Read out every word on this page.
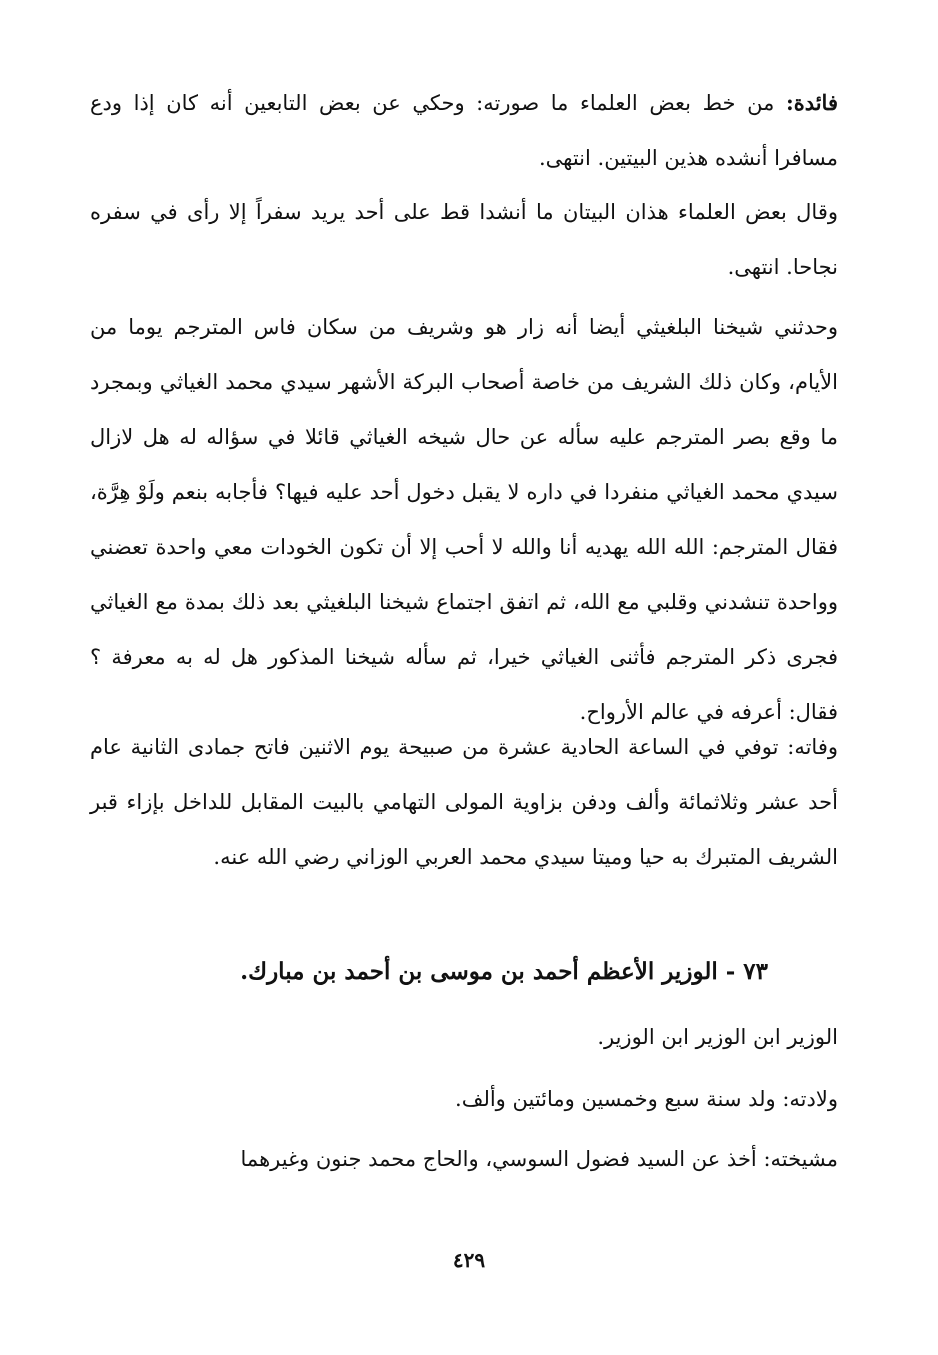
فائدة: من خط بعض العلماء ما صورته: وحكي عن بعض التابعين أنه كان إذا ودع مسافرا أنشده هذين البيتين. انتهى.

وقال بعض العلماء هذان البيتان ما أنشدا قط على أحد يريد سفراً إلا رأى في سفره نجاحا. انتهى.

وحدثني شيخنا البلغيثي أيضا أنه زار هو وشريف من سكان فاس المترجم يوما من الأيام، وكان ذلك الشريف من خاصة أصحاب البركة الأشهر سيدي محمد الغياثي وبمجرد ما وقع بصر المترجم عليه سأله عن حال شيخه الغياثي قائلا في سؤاله له هل لازال سيدي محمد الغياثي منفردا في داره لا يقبل دخول أحد عليه فيها؟ فأجابه بنعم ولَوْ هِرَّة، فقال المترجم: الله الله يهديه أنا والله لا أحب إلا أن تكون الخودات معي واحدة تعضني وواحدة تنشدني وقلبي مع الله، ثم اتفق اجتماع شيخنا البلغيثي بعد ذلك بمدة مع الغياثي فجرى ذكر المترجم فأثنى الغياثي خيرا، ثم سأله شيخنا المذكور هل له به معرفة ؟ فقال: أعرفه في عالم الأرواح.

وفاته: توفي في الساعة الحادية عشرة من صبيحة يوم الاثنين فاتح جمادى الثانية عام أحد عشر وثلاثمائة وألف ودفن بزاوية المولى التهامي بالبيت المقابل للداخل بإزاء قبر الشريف المتبرك به حيا وميتا سيدي محمد العربي الوزاني رضي الله عنه.

٧٣ - الوزير الأعظم أحمد بن موسى بن أحمد بن مبارك.

الوزير ابن الوزير ابن الوزير.

ولادته: ولد سنة سبع وخمسين ومائتين وألف.

مشيخته: أخذ عن السيد فضول السوسي، والحاج محمد جنون وغيرهما

٤٢٩
